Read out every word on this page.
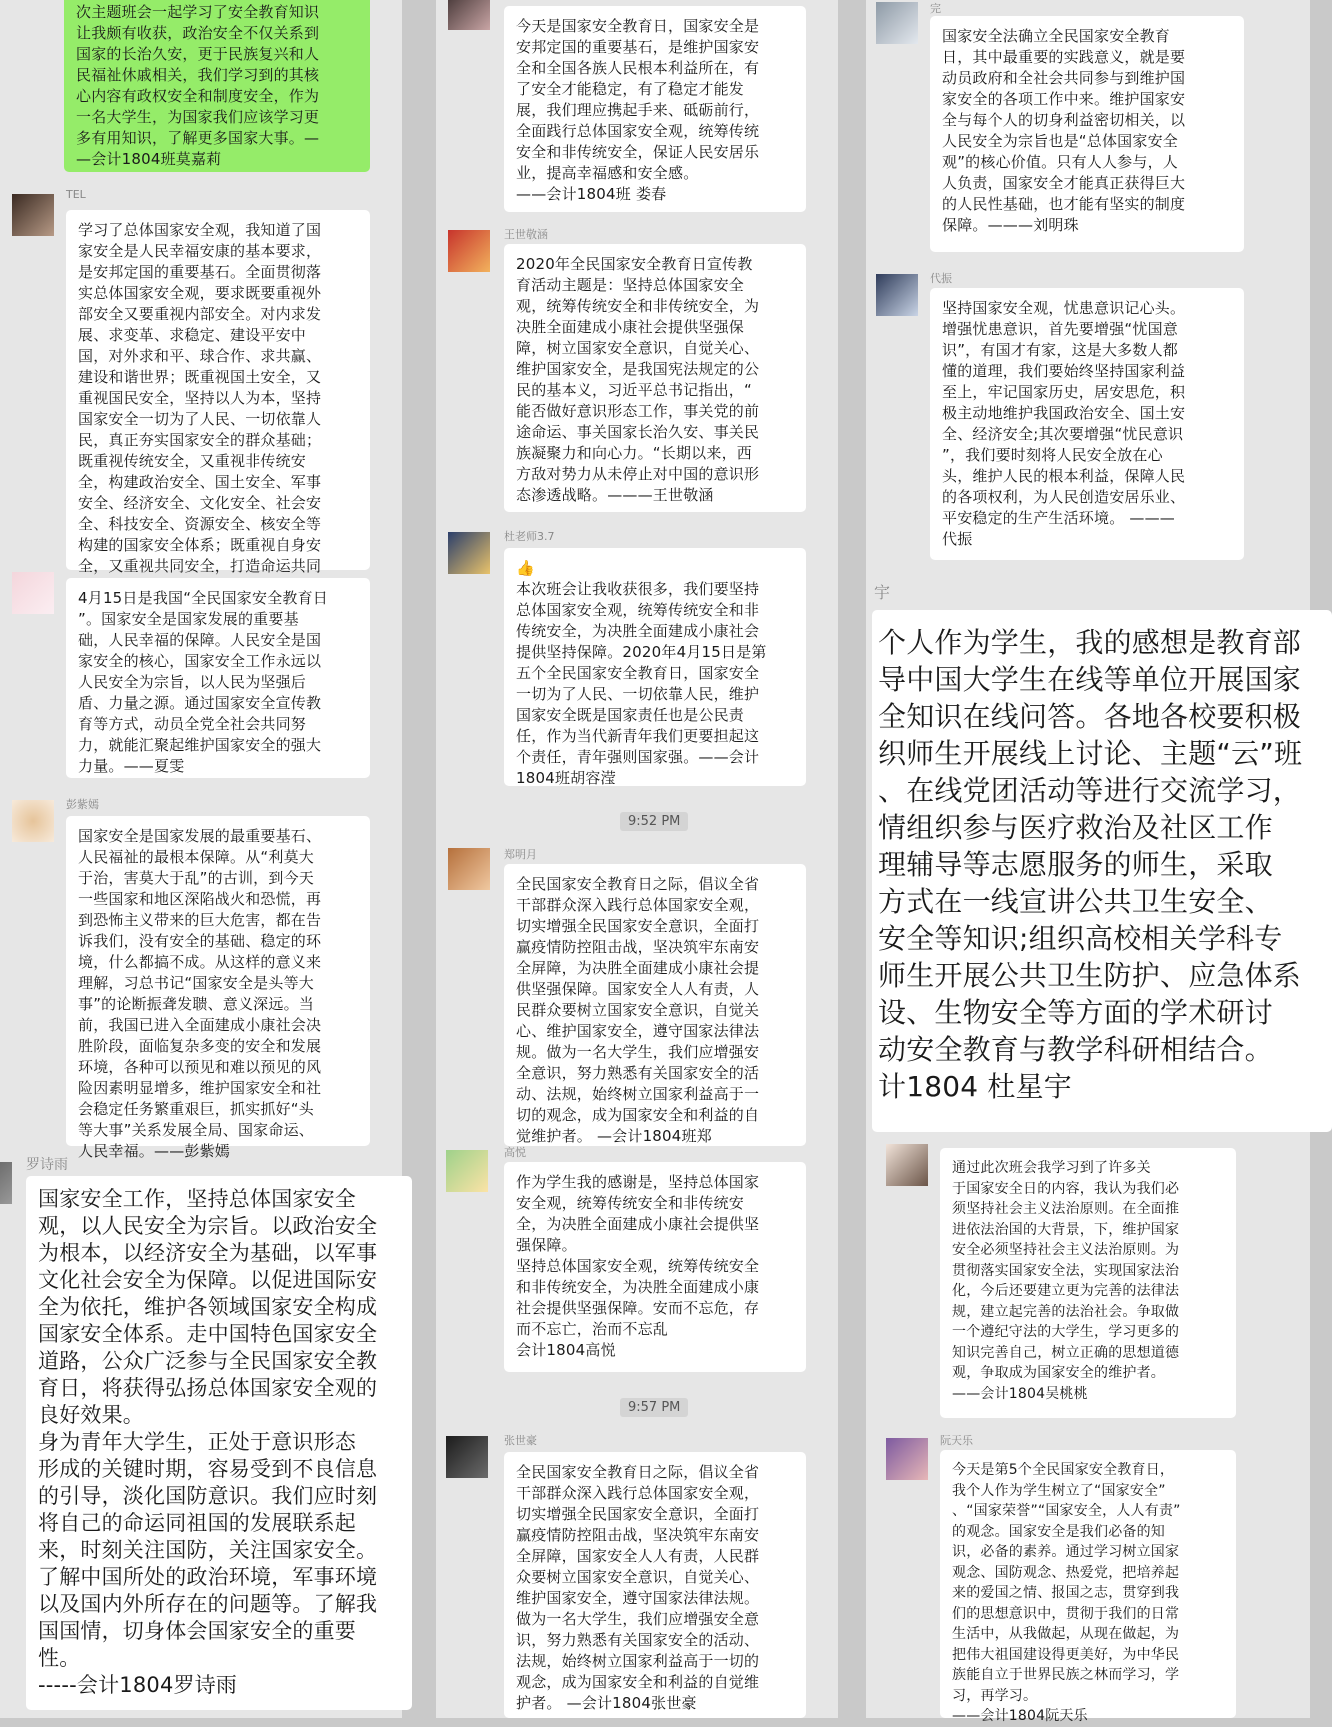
次主题班会一起学习了安全教育知识
让我颇有收获，政治安全不仅关系到
国家的长治久安，更于民族复兴和人
民福祉休戚相关，我们学习到的其核
心内容有政权安全和制度安全，作为
一名大学生，为国家我们应该学习更
多有用知识，了解更多国家大事。—
—会计1804班莫嘉莉
TEL
学习了总体国家安全观，我知道了国
家安全是人民幸福安康的基本要求，
是安邦定国的重要基石。全面贯彻落
实总体国家安全观，要求既要重视外
部安全又要重视内部安全。对内求发
展、求变革、求稳定、建设平安中
国，对外求和平、球合作、求共赢、
建设和谐世界；既重视国土安全，又
重视国民安全，坚持以人为本，坚持
国家安全一切为了人民、一切依靠人
民，真正夯实国家安全的群众基础；
既重视传统安全，又重视非传统安
全，构建政治安全、国土安全、军事
安全、经济安全、文化安全、社会安
全、科技安全、资源安全、核安全等
构建的国家安全体系；既重视自身安
全，又重视共同安全，打造命运共同
4月15日是我国“全民国家安全教育日
”。国家安全是国家发展的重要基
础，人民幸福的保障。人民安全是国
家安全的核心，国家安全工作永远以
人民安全为宗旨，以人民为坚强后
盾、力量之源。通过国家安全宣传教
育等方式，动员全党全社会共同努
力，就能汇聚起维护国家安全的强大
力量。——夏雯
彭紫嫣
国家安全是国家发展的最重要基石、
人民福祉的最根本保障。从“利莫大
于治，害莫大于乱”的古训，到今天
一些国家和地区深陷战火和恐慌，再
到恐怖主义带来的巨大危害，都在告
诉我们，没有安全的基础、稳定的环
境，什么都搞不成。从这样的意义来
理解，习总书记“国家安全是头等大
事”的论断振聋发聩、意义深远。当
前，我国已进入全面建成小康社会决
胜阶段，面临复杂多变的安全和发展
环境，各种可以预见和难以预见的风
险因素明显增多，维护国家安全和社
会稳定任务繁重艰巨，抓实抓好“头
等大事”关系发展全局、国家命运、
人民幸福。——彭紫嫣
罗诗雨
国家安全工作，坚持总体国家安全
观，以人民安全为宗旨。以政治安全
为根本，以经济安全为基础，以军事
文化社会安全为保障。以促进国际安
全为依托，维护各领域国家安全构成
国家安全体系。走中国特色国家安全
道路，公众广泛参与全民国家安全教
育日，将获得弘扬总体国家安全观的
良好效果。
身为青年大学生，正处于意识形态
形成的关键时期，容易受到不良信息
的引导，淡化国防意识。我们应时刻
将自己的命运同祖国的发展联系起
来，时刻关注国防，关注国家安全。
了解中国所处的政治环境，军事环境
以及国内外所存在的问题等。了解我
国国情，切身体会国家安全的重要
性。
-----会计1804罗诗雨
今天是国家安全教育日，国家安全是
安邦定国的重要基石，是维护国家安
全和全国各族人民根本利益所在，有
了安全才能稳定，有了稳定才能发
展，我们理应携起手来、砥砺前行，
全面践行总体国家安全观，统筹传统
安全和非传统安全，保证人民安居乐
业，提高幸福感和安全感。
——会计1804班 娄春
王世敬涵
2020年全民国家安全教育日宣传教
育活动主题是：坚持总体国家安全
观，统筹传统安全和非传统安全，为
决胜全面建成小康社会提供坚强保
障，树立国家安全意识，自觉关心、
维护国家安全，是我国宪法规定的公
民的基本义，习近平总书记指出，“
能否做好意识形态工作，事关党的前
途命运、事关国家长治久安、事关民
族凝聚力和向心力。“长期以来，西
方敌对势力从未停止对中国的意识形
态渗透战略。———王世敬涵
杜老师3.7
👍
本次班会让我收获很多，我们要坚持
总体国家安全观，统筹传统安全和非
传统安全，为决胜全面建成小康社会
提供坚持保障。2020年4月15日是第
五个全民国家安全教育日，国家安全
一切为了人民、一切依靠人民，维护
国家安全既是国家责任也是公民责
任，作为当代新青年我们更要担起这
个责任，青年强则国家强。——会计
1804班胡容滢
9:52 PM
郑明月
全民国家安全教育日之际，倡议全省
干部群众深入践行总体国家安全观，
切实增强全民国家安全意识，全面打
赢疫情防控阻击战，坚决筑牢东南安
全屏障，为决胜全面建成小康社会提
供坚强保障。国家安全人人有责，人
民群众要树立国家安全意识，自觉关
心、维护国家安全，遵守国家法律法
规。做为一名大学生，我们应增强安
全意识，努力熟悉有关国家安全的活
动、法规，始终树立国家利益高于一
切的观念，成为国家安全和利益的自
觉维护者。 —会计1804班郑
高悦
作为学生我的感谢是，坚持总体国家
安全观，统筹传统安全和非传统安
全，为决胜全面建成小康社会提供坚
强保障。
坚持总体国家安全观，统筹传统安全
和非传统安全，为决胜全面建成小康
社会提供坚强保障。安而不忘危，存
而不忘亡，治而不忘乱
会计1804高悦
9:57 PM
张世豪
全民国家安全教育日之际，倡议全省
干部群众深入践行总体国家安全观，
切实增强全民国家安全意识，全面打
赢疫情防控阻击战，坚决筑牢东南安
全屏障，国家安全人人有责，人民群
众要树立国家安全意识，自觉关心、
维护国家安全，遵守国家法律法规。
做为一名大学生，我们应增强安全意
识，努力熟悉有关国家安全的活动、
法规，始终树立国家利益高于一切的
观念，成为国家安全和利益的自觉维
护者。 —会计1804张世豪
完
国家安全法确立全民国家安全教育
日，其中最重要的实践意义，就是要
动员政府和全社会共同参与到维护国
家安全的各项工作中来。维护国家安
全与每个人的切身利益密切相关，以
人民安全为宗旨也是“总体国家安全
观”的核心价值。只有人人参与，人
人负责，国家安全才能真正获得巨大
的人民性基础，也才能有坚实的制度
保障。———刘明珠
代振
坚持国家安全观，忧患意识记心头。
增强忧患意识，首先要增强“忧国意
识”，有国才有家，这是大多数人都
懂的道理，我们要始终坚持国家利益
至上，牢记国家历史，居安思危，积
极主动地维护我国政治安全、国土安
全、经济安全;其次要增强“忧民意识
”，我们要时刻将人民安全放在心
头，维护人民的根本利益，保障人民
的各项权利，为人民创造安居乐业、
平安稳定的生产生活环境。 ———
代振
宇
个人作为学生，我的感想是教育部
导中国大学生在线等单位开展国家
全知识在线问答。各地各校要积极
织师生开展线上讨论、主题“云”班
、在线党团活动等进行交流学习，
情组织参与医疗救治及社区工作
理辅导等志愿服务的师生，采取
方式在一线宣讲公共卫生安全、
安全等知识;组织高校相关学科专
师生开展公共卫生防护、应急体系
设、生物安全等方面的学术研讨
动安全教育与教学科研相结合。
计1804 杜星宇
通过此次班会我学习到了许多关
于国家安全日的内容，我认为我们必
须坚持社会主义法治原则。在全面推
进依法治国的大背景，下，维护国家
安全必须坚持社会主义法治原则。为
贯彻落实国家安全法，实现国家法治
化，今后还要建立更为完善的法律法
规，建立起完善的法治社会。争取做
一个遵纪守法的大学生，学习更多的
知识完善自己，树立正确的思想道德
观，争取成为国家安全的维护者。
——会计1804吴桃桃
阮天乐
今天是第5个全民国家安全教育日，
我个人作为学生树立了“国家安全”
、“国家荣誉”“国家安全，人人有责”
的观念。国家安全是我们必备的知
识，必备的素养。通过学习树立国家
观念、国防观念、热爱党，把培养起
来的爱国之情、报国之志，贯穿到我
们的思想意识中，贯彻于我们的日常
生活中，从我做起，从现在做起，为
把伟大祖国建设得更美好，为中华民
族能自立于世界民族之林而学习，学
习，再学习。
——会计1804阮天乐
